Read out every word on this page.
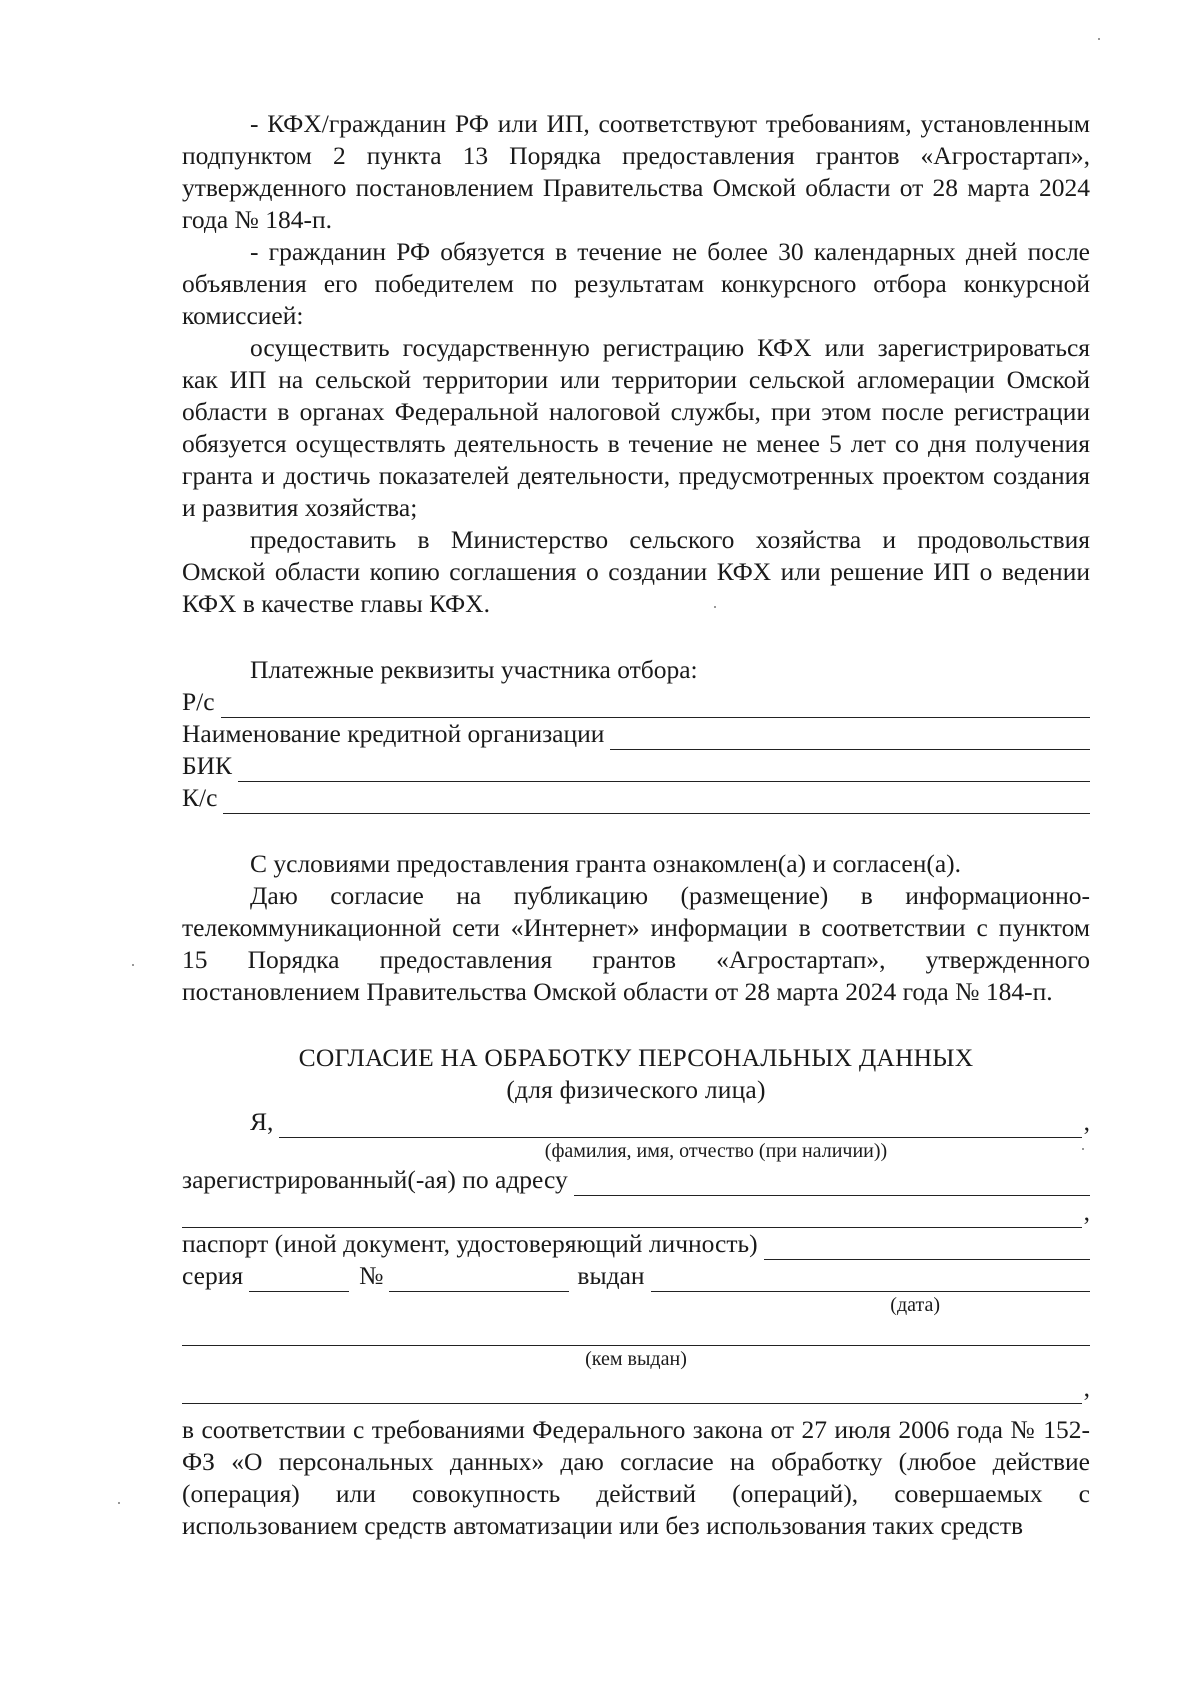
- КФХ/гражданин РФ или ИП, соответствуют требованиям, установленным подпунктом 2 пункта 13 Порядка предоставления грантов «Агростартап», утвержденного постановлением Правительства Омской области от 28 марта 2024 года № 184-п.

- гражданин РФ обязуется в течение не более 30 календарных дней после объявления его победителем по результатам конкурсного отбора конкурсной комиссией:

осуществить государственную регистрацию КФХ или зарегистрироваться как ИП на сельской территории или территории сельской агломерации Омской области в органах Федеральной налоговой службы, при этом после регистрации обязуется осуществлять деятельность в течение не менее 5 лет со дня получения гранта и достичь показателей деятельности, предусмотренных проектом создания и развития хозяйства;

предоставить в Министерство сельского хозяйства и продовольствия Омской области копию соглашения о создании КФХ или решение ИП о ведении КФХ в качестве главы КФХ.

Платежные реквизиты участника отбора:

Р/с
Наименование кредитной организации
БИК
К/с

С условиями предоставления гранта ознакомлен(а) и согласен(а).

Даю согласие на публикацию (размещение) в информационно-телекоммуникационной сети «Интернет» информации в соответствии с пунктом 15 Порядка предоставления грантов «Агростартап», утвержденного постановлением Правительства Омской области от 28 марта 2024 года № 184-п.

СОГЛАСИЕ НА ОБРАБОТКУ ПЕРСОНАЛЬНЫХ ДАННЫХ

(для физического лица)

Я,	,
(фамилия, имя, отчество (при наличии))
зарегистрированный(-ая) по адресу
,
паспорт (иной документ, удостоверяющий личность)
серия	№	выдан
(дата)
(кем выдан)
,

в соответствии с требованиями Федерального закона от 27 июля 2006 года № 152-ФЗ «О персональных данных» даю согласие на обработку (любое действие (операция) или совокупность действий (операций), совершаемых с использованием средств автоматизации или без использования таких средств
